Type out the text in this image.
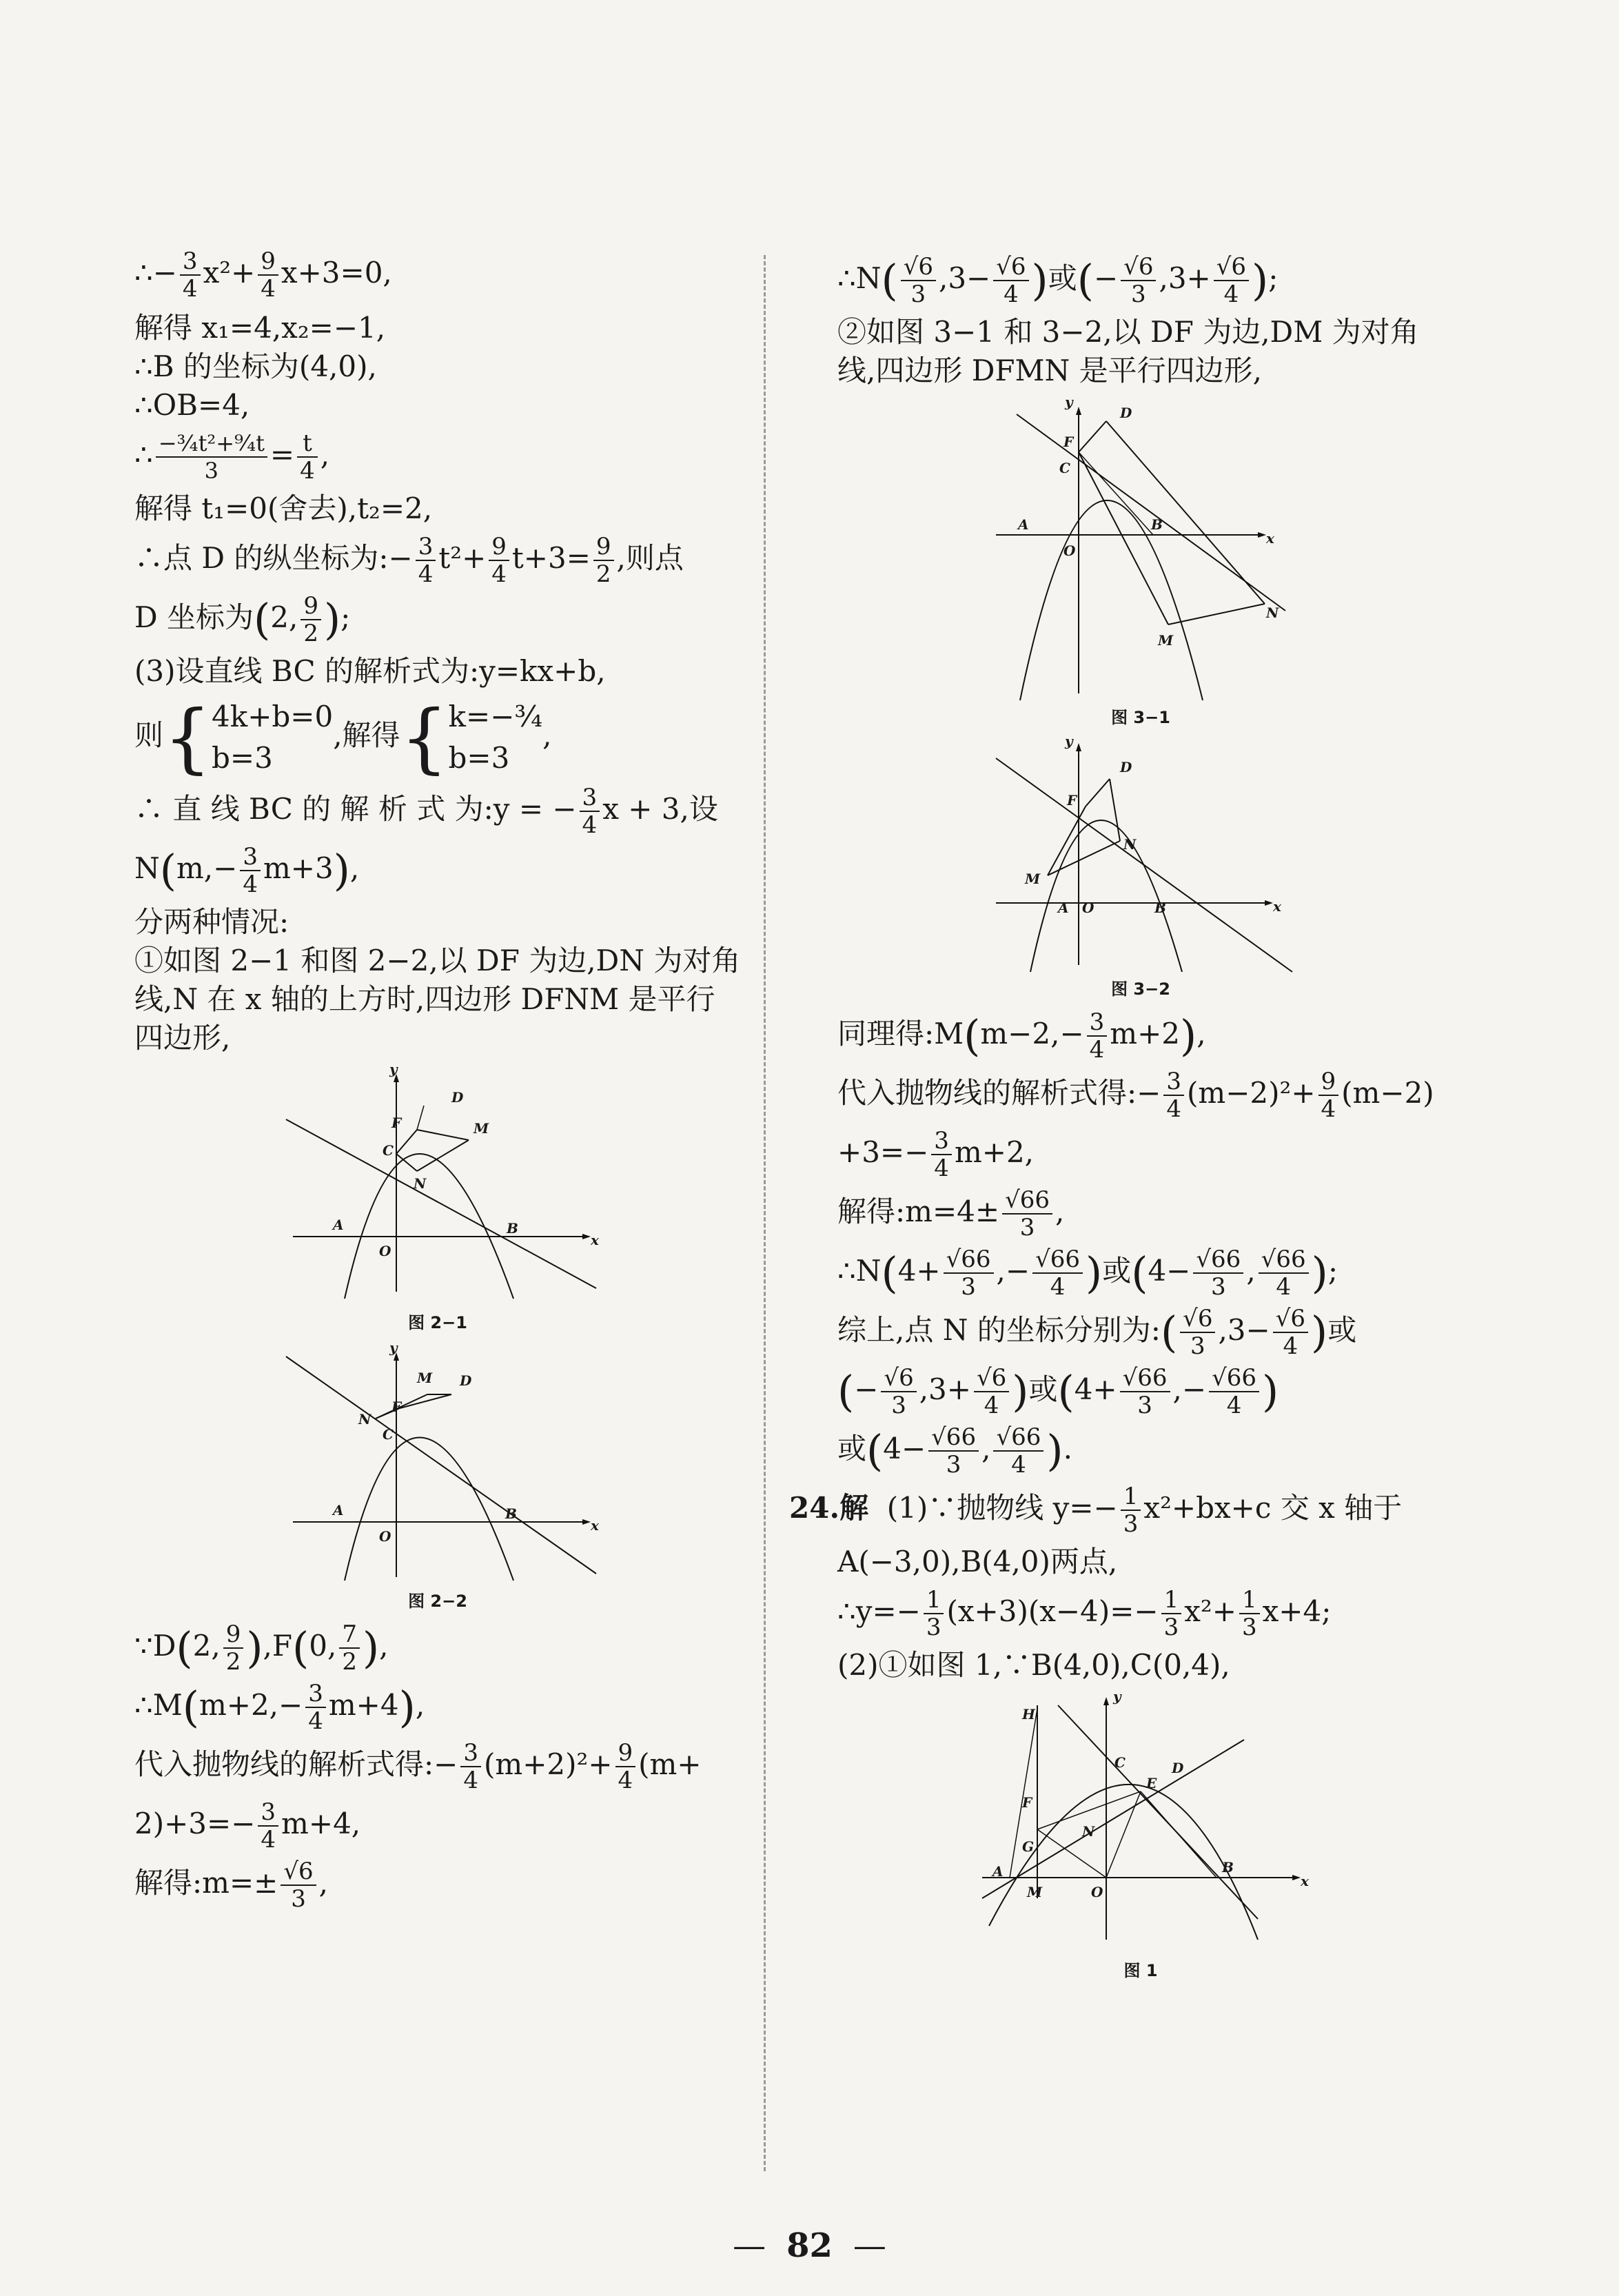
∴− $\frac{3}{4} x^2+ \frac{9}{4} x+3=0$,
解得 x₁=4,x₂=−1,
∴B 的坐标为(4,0),
∴OB=4,
∴ $\frac{\text{−¾t²+⁹⁄₄t}}{3} = \frac{t}{4}$ ,
解得 t₁=0(舍去),t₂=2,
∴点 D 的纵坐标为:− $\frac{3}{4} t^2+ \frac{9}{4} t+3= \frac{9}{2}$ ,则点
D 坐标为(2, $\frac{9}{2}$ );
(3)设直线 BC 的解析式为:y=kx+b,
则{ 4k+b=0
b=3
,解得{ k=−¾
b=3
,
∴ 直 线 BC 的 解 析 式 为:y = − $\frac{3}{4}$ x + 3,设
$N(m,- \frac{3}{4} m+3)$,
分两种情况:
①如图 2−1 和图 2−2,以 DF 为边,DN 为对角
线,N 在 x 轴的上方时,四边形 DFNM 是平行
四边形,
y
x
O
A	B
C
F
D
M
N
图 2−1
y
x
O
A	B
C
F
D
M
N
图 2−2
∵D(2, $\frac{9}{2} ),F(0$, $\frac{7}{2}$ ),
∴M(m+2,− $\frac{3}{4} m+4$),
代入抛物线的解析式得:− $\frac{3}{4} (m+2)^2+ \frac{9}{4} (m+$
$2)+3=- \frac{3}{4} m+4$,
解得:m=± $\frac{√6}{3}$ ,
∴N( $\frac{√6}{3} ,3- \frac{√6}{4}$ )或(− $\frac{√6}{3} ,3+ \frac{√6}{4}$ );
②如图 3−1 和 3−2,以 DF 为边,DM 为对角
线,四边形 DFMN 是平行四边形,
y
x
O
A	B
C
F
D
M
N
图 3−1
y
x
O
A	B
F
D
M
N
图 3−2
同理得:M(m−2,− $\frac{3}{4} m+2$),
代入抛物线的解析式得:− $\frac{3}{4} (m-2)^2+ \frac{9}{4} (m-2)$
$+3=- \frac{3}{4} m+2$,
解得:m=4± $\frac{√66}{3}$ ,
∴N(4+ $\frac{√66}{3}$ ,− $\frac{√66}{4}$ )或($4- \frac{√66}{3}$ , $\frac{√66}{4}$ );
综上,点 N 的坐标分别为:( $\frac{√6}{3} ,3- \frac{√6}{4}$ )或
(− $\frac{√6}{3} ,3+ \frac{√6}{4}$ )或($4+ \frac{√66}{3}$ ,− $\frac{√66}{4}$ )
或($4- \frac{√66}{3}$ , $\frac{√66}{4}$ ).
24.解 (1)∵抛物线 $y=- \frac{1}{3} x^2+bx+c$ 交 x 轴于
A(−3,0),B(4,0)两点,
∴y=− $\frac{1}{3} (x+3)(x-4)=- \frac{1}{3} x^2+ \frac{1}{3} x+4$;
(2)①如图 1,∵B(4,0),C(0,4),
y
x
O
A	B
C	D
E
F
G
H
M
N
图 1
— 82 —
